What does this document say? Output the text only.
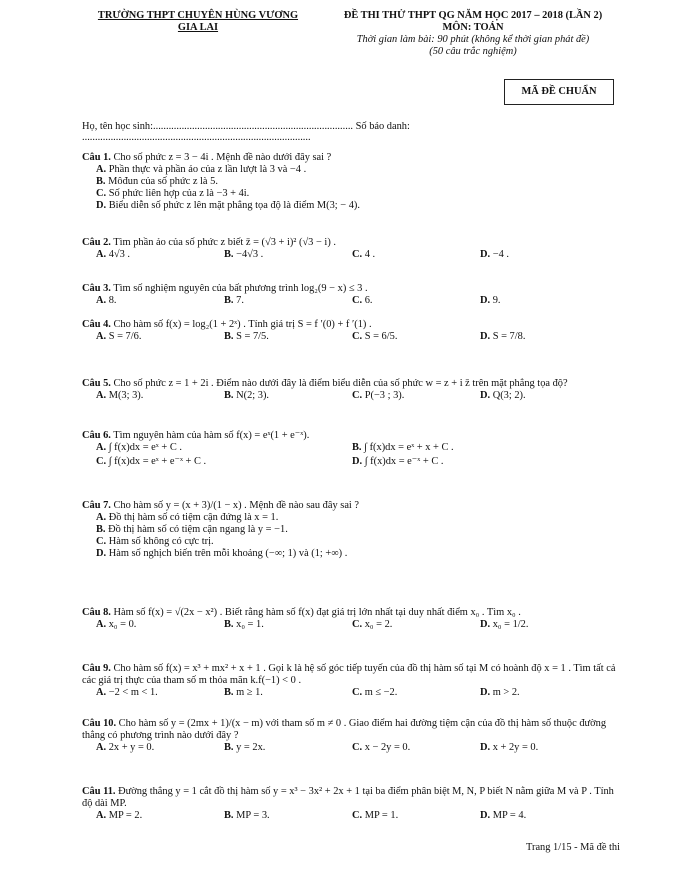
TRƯỜNG THPT CHUYÊN HÙNG VƯƠNG
GIA LAI
ĐỀ THI THỬ THPT QG NĂM HỌC 2017 – 2018 (LẦN 2)
MÔN: TOÁN
Thời gian làm bài: 90 phút (không kể thời gian phát đề)
(50 câu trắc nghiệm)
MÃ ĐỀ CHUẨN
Họ, tên học sinh:............................................................................. Số báo danh: ........................................................................................
Câu 1. Cho số phức z = 3 − 4i . Mệnh đề nào dưới đây sai ?
A. Phần thực và phần ảo của z lần lượt là 3 và −4 .
B. Môđun của số phức z là 5.
C. Số phức liên hợp của z là −3 + 4i.
D. Biểu diễn số phức z lên mặt phẳng tọa độ là điểm M(3; − 4).
Câu 2. Tìm phần ảo của số phức z biết z̄ = (√3 + i)² (√3 − i) .
A. 4√3 .	B. −4√3 .	C. 4 .	D. −4 .
Câu 3. Tìm số nghiệm nguyên của bất phương trình log₂(9 − x) ≤ 3 .
A. 8.	B. 7.	C. 6.	D. 9.
Câu 4. Cho hàm số f(x) = log₂(1 + 2ˣ) . Tính giá trị S = f ′(0) + f ′(1) .
A. S = 7/6.	B. S = 7/5.	C. S = 6/5.	D. S = 7/8.
Câu 5. Cho số phức z = 1 + 2i . Điểm nào dưới đây là điểm biểu diễn của số phức w = z + i z̄ trên mặt phẳng tọa độ?
A. M(3; 3).	B. N(2; 3).	C. P(−3 ; 3).	D. Q(3; 2).
Câu 6. Tìm nguyên hàm của hàm số f(x) = eˣ(1 + e⁻ˣ).
A. ∫ f(x)dx = eˣ + C .	B. ∫ f(x)dx = eˣ + x + C .
C. ∫ f(x)dx = eˣ + e⁻ˣ + C .	D. ∫ f(x)dx = e⁻ˣ + C .
Câu 7. Cho hàm số y = (x + 3)/(1 − x) . Mệnh đề nào sau đây sai ?
A. Đồ thị hàm số có tiệm cận đứng là x = 1.
B. Đồ thị hàm số có tiệm cận ngang là y = −1.
C. Hàm số không có cực trị.
D. Hàm số nghịch biến trên mỗi khoảng (−∞; 1) và (1; +∞) .
Câu 8. Hàm số f(x) = √(2x − x²) . Biết rằng hàm số f(x) đạt giá trị lớn nhất tại duy nhất điểm x₀ . Tìm x₀ .
A. x₀ = 0.	B. x₀ = 1.	C. x₀ = 2.	D. x₀ = 1/2.
Câu 9. Cho hàm số f(x) = x³ + mx² + x + 1 . Gọi k là hệ số góc tiếp tuyến của đồ thị hàm số tại M có hoành độ x = 1 . Tìm tất cả các giá trị thực của tham số m thỏa mãn k.f(−1) < 0 .
A. −2 < m < 1.	B. m ≥ 1.	C. m ≤ −2.	D. m > 2.
Câu 10. Cho hàm số y = (2mx + 1)/(x − m) với tham số m ≠ 0 . Giao điểm hai đường tiệm cận của đồ thị hàm số thuộc đường thẳng có phương trình nào dưới đây ?
A. 2x + y = 0.	B. y = 2x.	C. x − 2y = 0.	D. x + 2y = 0.
Câu 11. Đường thẳng y = 1 cắt đồ thị hàm số y = x³ − 3x² + 2x + 1 tại ba điểm phân biệt M, N, P biết N nằm giữa M và P . Tính độ dài MP.
A. MP = 2.	B. MP = 3.	C. MP = 1.	D. MP = 4.
Trang 1/15 - Mã đề thi
